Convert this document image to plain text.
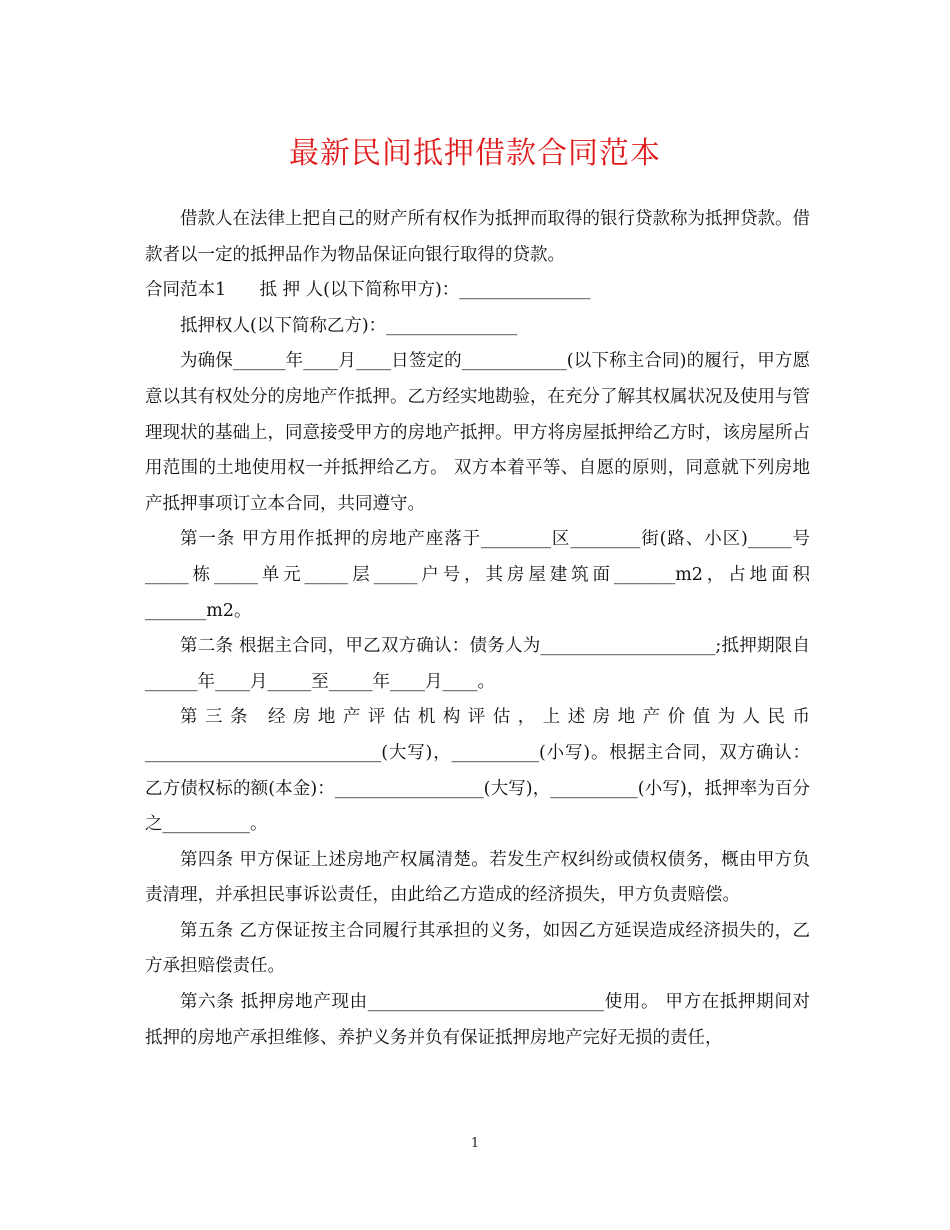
最新民间抵押借款合同范本

借款人在法律上把自己的财产所有权作为抵押而取得的银行贷款称为抵押贷款。借款者以一定的抵押品作为物品保证向银行取得的贷款。

合同范本1      抵 押 人(以下简称甲方)：_______________

抵押权人(以下简称乙方)：_______________

为确保______年____月____日签定的____________(以下称主合同)的履行，甲方愿意以其有权处分的房地产作抵押。乙方经实地勘验，在充分了解其权属状况及使用与管理现状的基础上，同意接受甲方的房地产抵押。甲方将房屋抵押给乙方时，该房屋所占用范围的土地使用权一并抵押给乙方。 双方本着平等、自愿的原则，同意就下列房地产抵押事项订立本合同，共同遵守。

第一条 甲方用作抵押的房地产座落于________区________街(路、小区)_____号_____栋_____单元_____层_____户号，其房屋建筑面_______m2，占地面积_______m2。

第二条 根据主合同，甲乙双方确认：债务人为____________________;抵押期限自______年____月_____至_____年____月____。

第三条 经房地产评估机构评估，上述房地产价值为人民币___________________________(大写)，__________(小写)。根据主合同，双方确认：乙方债权标的额(本金)：_________________(大写)，__________(小写)，抵押率为百分之__________。

第四条 甲方保证上述房地产权属清楚。若发生产权纠纷或债权债务，概由甲方负责清理，并承担民事诉讼责任，由此给乙方造成的经济损失，甲方负责赔偿。

第五条 乙方保证按主合同履行其承担的义务，如因乙方延误造成经济损失的，乙方承担赔偿责任。

第六条 抵押房地产现由___________________________使用。 甲方在抵押期间对抵押的房地产承担维修、养护义务并负有保证抵押房地产完好无损的责任，

1
